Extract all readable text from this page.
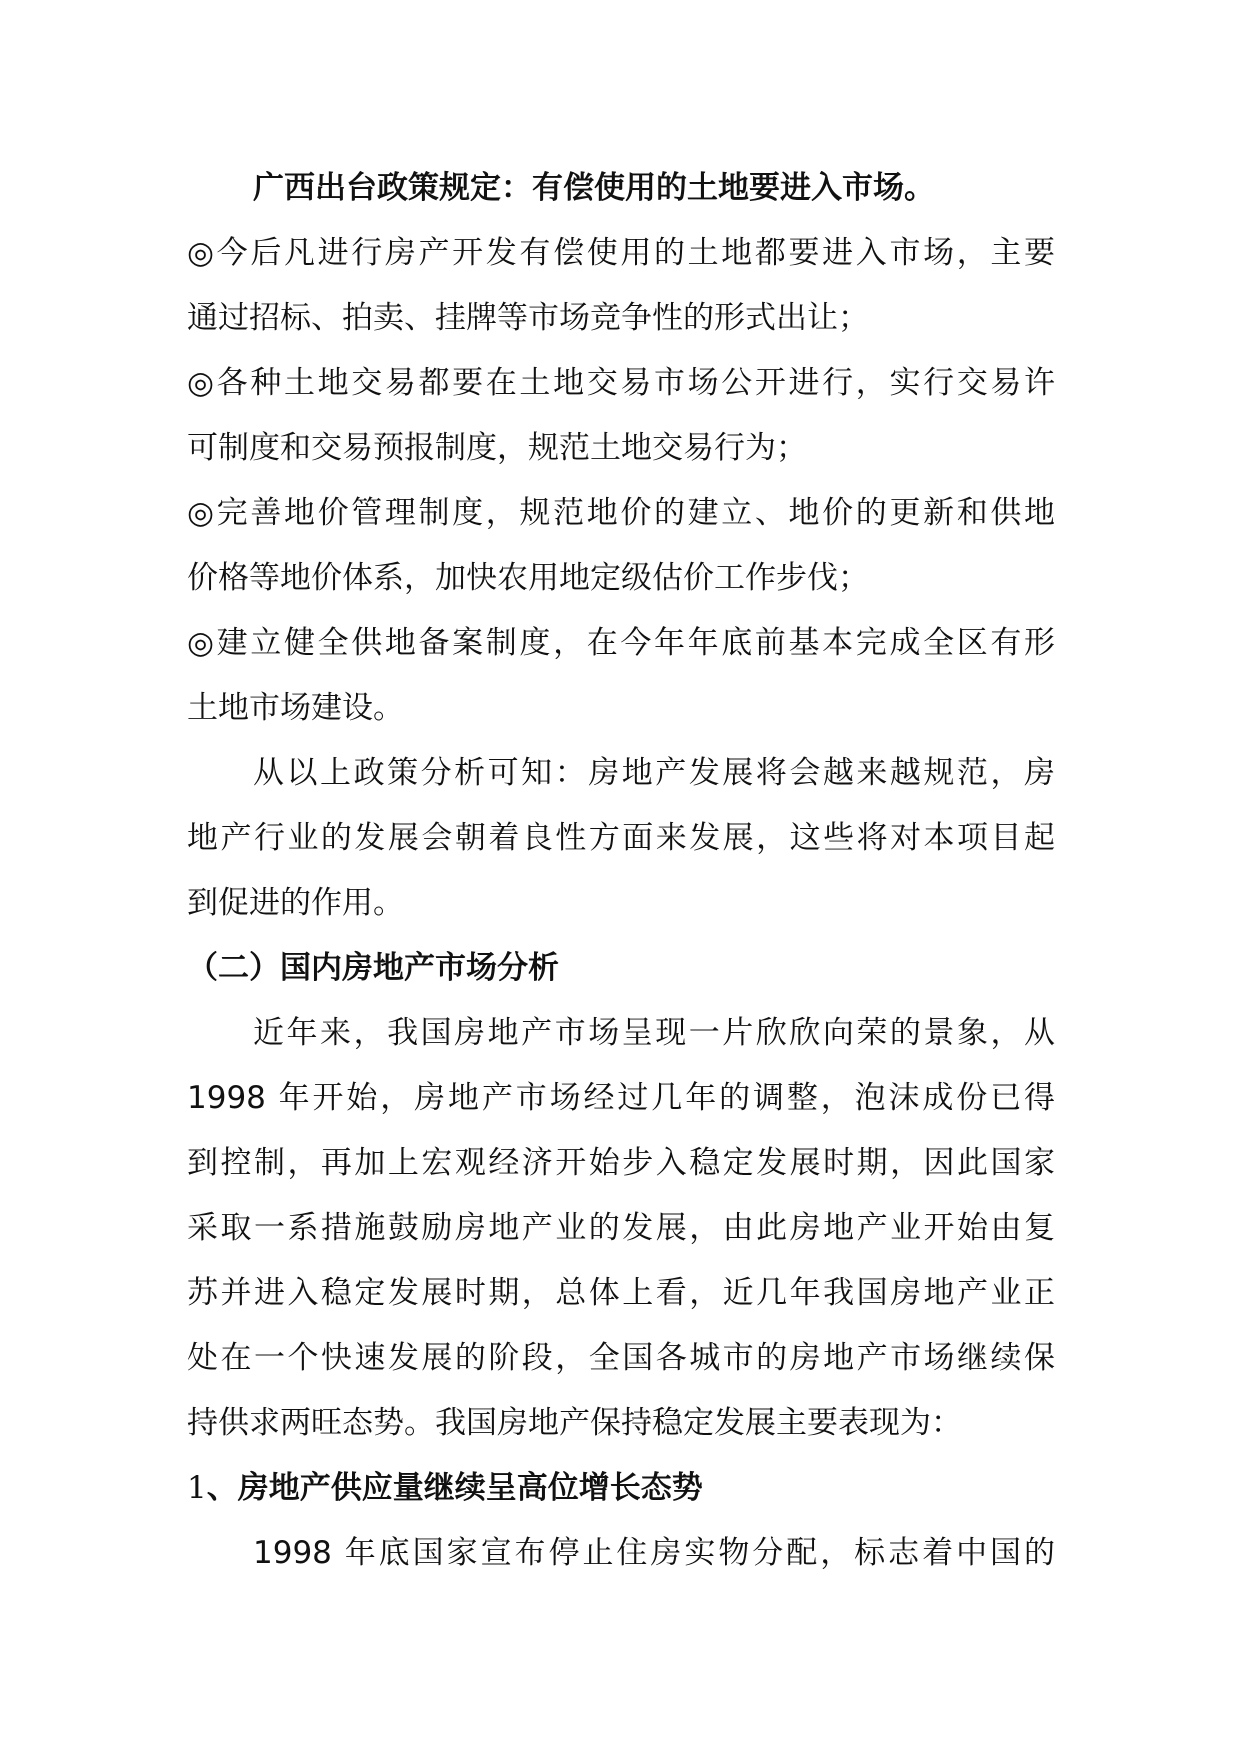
广西出台政策规定：有偿使用的土地要进入市场。
◎今后凡进行房产开发有偿使用的土地都要进入市场，主要
通过招标、拍卖、挂牌等市场竞争性的形式出让；
◎各种土地交易都要在土地交易市场公开进行，实行交易许
可制度和交易预报制度，规范土地交易行为；
◎完善地价管理制度，规范地价的建立、地价的更新和供地
价格等地价体系，加快农用地定级估价工作步伐；
◎建立健全供地备案制度，在今年年底前基本完成全区有形
土地市场建设。
从以上政策分析可知：房地产发展将会越来越规范，房
地产行业的发展会朝着良性方面来发展，这些将对本项目起
到促进的作用。
（二）国内房地产市场分析
近年来，我国房地产市场呈现一片欣欣向荣的景象，从
1998 年开始，房地产市场经过几年的调整，泡沫成份已得
到控制，再加上宏观经济开始步入稳定发展时期，因此国家
采取一系措施鼓励房地产业的发展，由此房地产业开始由复
苏并进入稳定发展时期，总体上看，近几年我国房地产业正
处在一个快速发展的阶段，全国各城市的房地产市场继续保
持供求两旺态势。我国房地产保持稳定发展主要表现为：
1、房地产供应量继续呈高位增长态势
1998 年底国家宣布停止住房实物分配，标志着中国的
